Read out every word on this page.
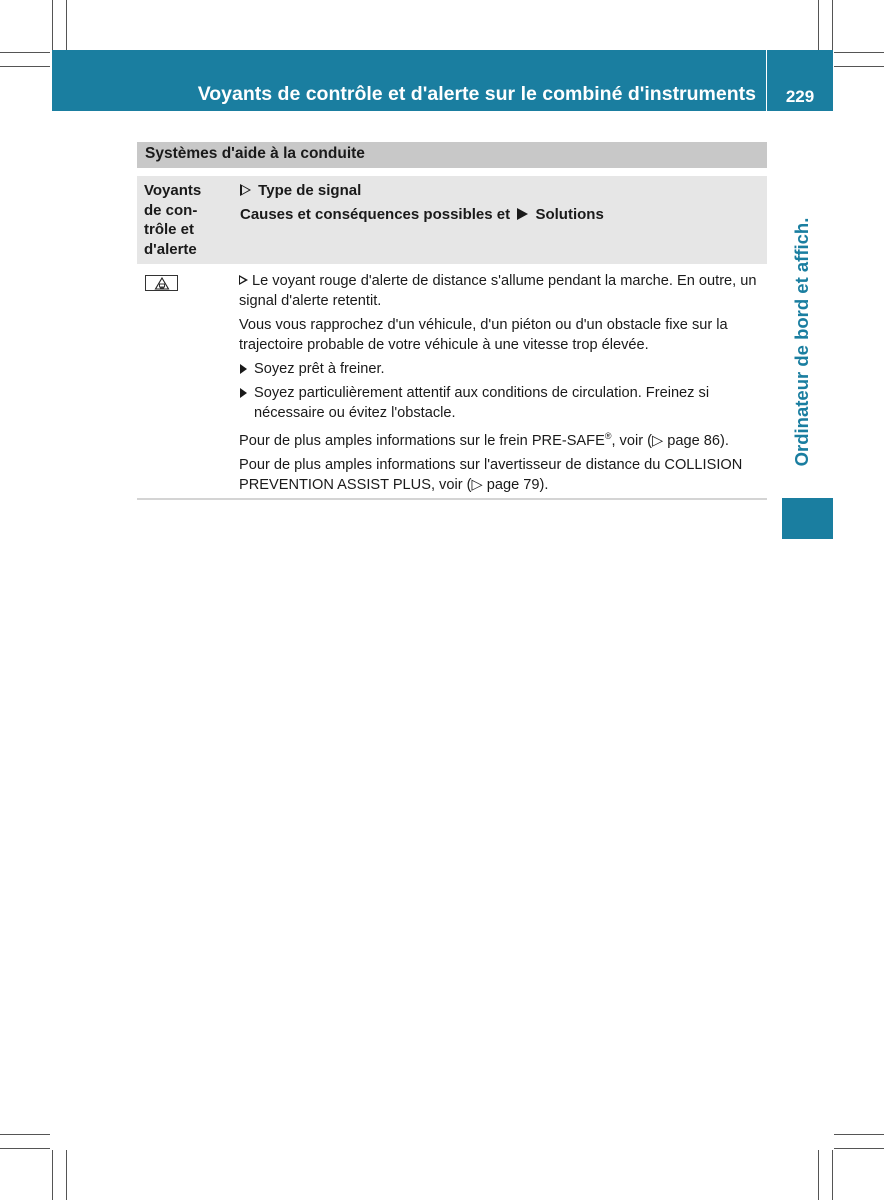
Voyants de contrôle et d'alerte sur le combiné d'instruments	229
Ordinateur de bord et affich.
Systèmes d'aide à la conduite
Voyants
de con-
trôle et
d'alerte
Type de signal
Causes et conséquences possibles et Solutions

Le voyant rouge d'alerte de distance s'allume pendant la marche. En outre, un signal d'alerte retentit.

Vous vous rapprochez d'un véhicule, d'un piéton ou d'un obstacle fixe sur la trajectoire probable de votre véhicule à une vitesse trop élevée.

Soyez prêt à freiner.

Soyez particulièrement attentif aux conditions de circulation. Freinez si nécessaire ou évitez l'obstacle.

Pour de plus amples informations sur le frein PRE-SAFE®, voir (▷ page 86).

Pour de plus amples informations sur l'avertisseur de distance du COLLISION PREVENTION ASSIST PLUS, voir (▷ page 79).
